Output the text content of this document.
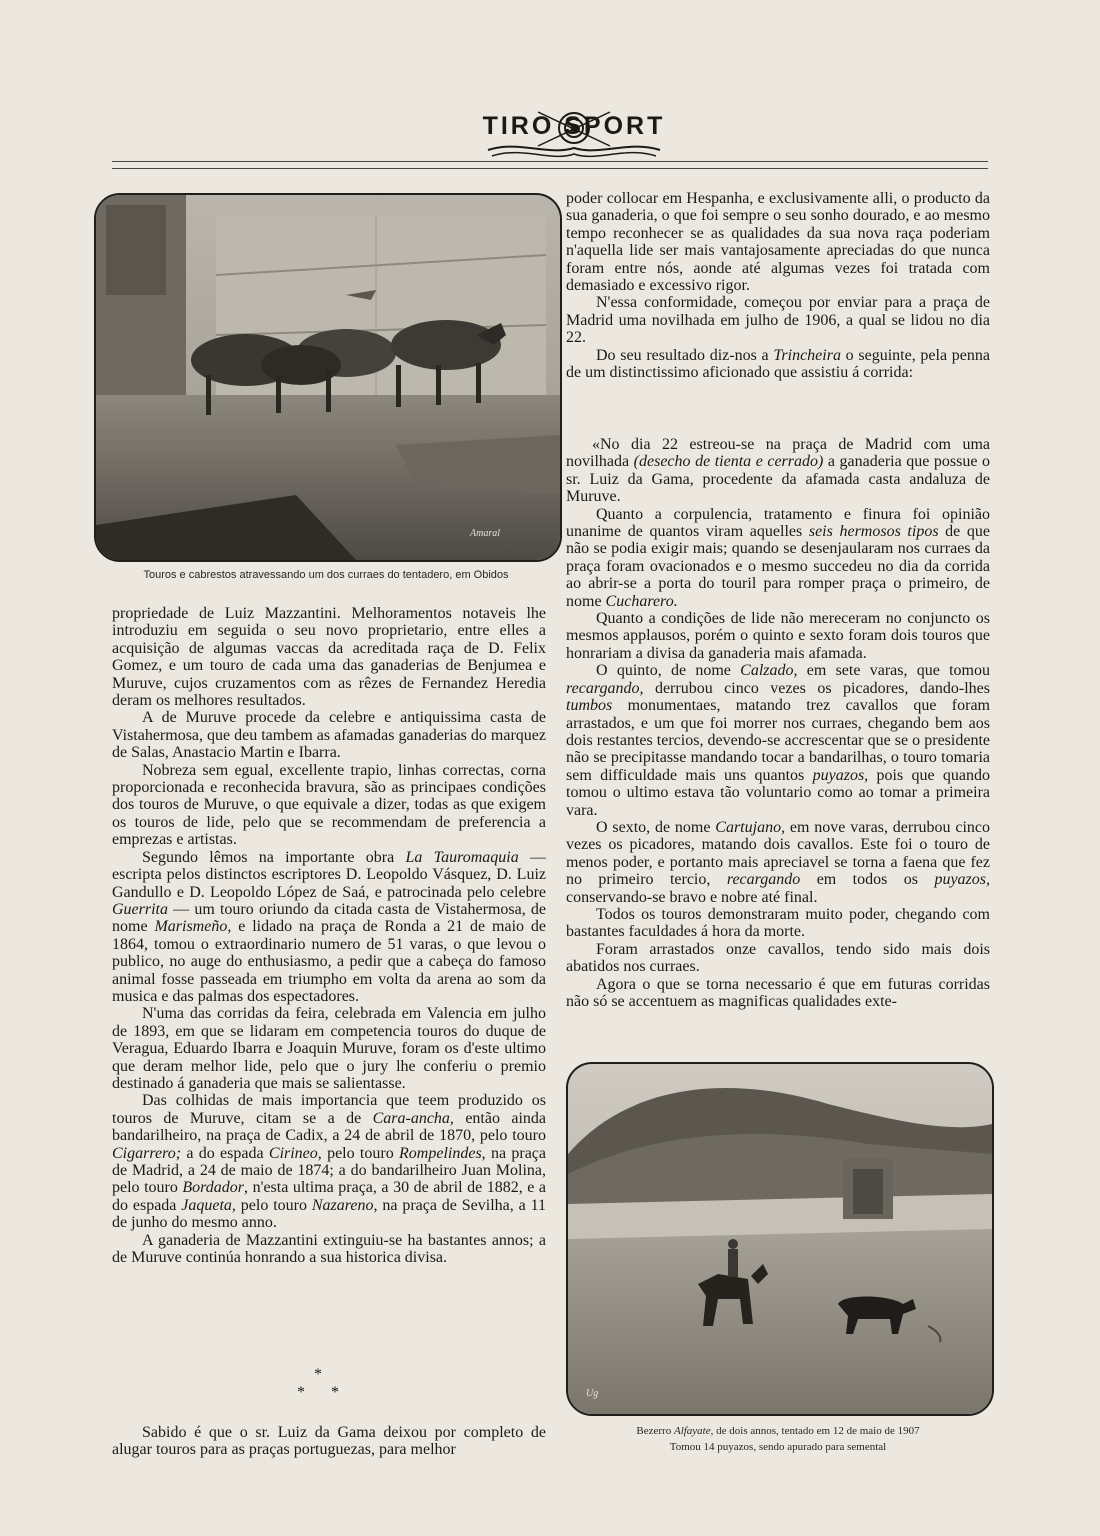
TIRO SPORT
Touros e cabrestos atravessando um dos curraes do tentadero, em Obidos
Bezerro Alfayate, de dois annos, tentado em 12 de maio de 1907
Tomou 14 puyazos, sendo apurado para semental

propriedade de Luiz Mazzantini. Melhoramentos notaveis lhe introduziu em seguida o seu novo proprietario, entre elles a acquisição de algumas vaccas da acreditada raça de D. Felix Gomez, e um touro de cada uma das ganaderias de Benjumea e Muruve, cujos cruzamentos com as rêzes de Fernandez Heredia deram os melhores resultados.

A de Muruve procede da celebre e antiquissima casta de Vistahermosa, que deu tambem as afamadas ganaderias do marquez de Salas, Anastacio Martin e Ibarra.

Nobreza sem egual, excellente trapio, linhas correctas, corna proporcionada e reconhecida bravura, são as principaes condições dos touros de Muruve, o que equivale a dizer, todas as que exigem os touros de lide, pelo que se recommendam de preferencia a emprezas e artistas.

Segundo lêmos na importante obra La Tauromaquia — escripta pelos distinctos escriptores D. Leopoldo Vásquez, D. Luiz Gandullo e D. Leopoldo López de Saá, e patrocinada pelo celebre Guerrita — um touro oriundo da citada casta de Vistahermosa, de nome Marismeño, e lidado na praça de Ronda a 21 de maio de 1864, tomou o extraordinario numero de 51 varas, o que levou o publico, no auge do enthusiasmo, a pedir que a cabeça do famoso animal fosse passeada em triumpho em volta da arena ao som da musica e das palmas dos espectadores.

N'uma das corridas da feira, celebrada em Valencia em julho de 1893, em que se lidaram em competencia touros do duque de Veragua, Eduardo Ibarra e Joaquin Muruve, foram os d'este ultimo que deram melhor lide, pelo que o jury lhe conferiu o premio destinado á ganaderia que mais se salientasse.

Das colhidas de mais importancia que teem produzido os touros de Muruve, citam se a de Cara-ancha, então ainda bandarilheiro, na praça de Cadix, a 24 de abril de 1870, pelo touro Cigarrero; a do espada Cirineo, pelo touro Rompelindes, na praça de Madrid, a 24 de maio de 1874; a do bandarilheiro Juan Molina, pelo touro Bordador, n'esta ultima praça, a 30 de abril de 1882, e a do espada Jaqueta, pelo touro Nazareno, na praça de Sevilha, a 11 de junho do mesmo anno.

A ganaderia de Mazzantini extinguiu-se ha bastantes annos; a de Muruve continúa honrando a sua historica divisa.

*
* *

Sabido é que o sr. Luiz da Gama deixou por completo de alugar touros para as praças portuguezas, para melhor

poder collocar em Hespanha, e exclusivamente alli, o producto da sua ganaderia, o que foi sempre o seu sonho dourado, e ao mesmo tempo reconhecer se as qualidades da sua nova raça poderiam n'aquella lide ser mais vantajosamente apreciadas do que nunca foram entre nós, aonde até algumas vezes foi tratada com demasiado e excessivo rigor.

N'essa conformidade, começou por enviar para a praça de Madrid uma novilhada em julho de 1906, a qual se lidou no dia 22.

Do seu resultado diz-nos a Trincheira o seguinte, pela penna de um distinctissimo aficionado que assistiu á corrida:

«No dia 22 estreou-se na praça de Madrid com uma novilhada (desecho de tienta e cerrado) a ganaderia que possue o sr. Luiz da Gama, procedente da afamada casta andaluza de Muruve.

Quanto a corpulencia, tratamento e finura foi opinião unanime de quantos viram aquelles seis hermosos tipos de que não se podia exigir mais; quando se desenjaularam nos curraes da praça foram ovacionados e o mesmo succedeu no dia da corrida ao abrir-se a porta do touril para romper praça o primeiro, de nome Cucharero.

Quanto a condições de lide não mereceram no conjuncto os mesmos applausos, porém o quinto e sexto foram dois touros que honrariam a divisa da ganaderia mais afamada.

O quinto, de nome Calzado, em sete varas, que tomou recargando, derrubou cinco vezes os picadores, dando-lhes tumbos monumentaes, matando trez cavallos que foram arrastados, e um que foi morrer nos curraes, chegando bem aos dois restantes tercios, devendo-se accrescentar que se o presidente não se precipitasse mandando tocar a bandarilhas, o touro tomaria sem difficuldade mais uns quantos puyazos, pois que quando tomou o ultimo estava tão voluntario como ao tomar a primeira vara.

O sexto, de nome Cartujano, em nove varas, derrubou cinco vezes os picadores, matando dois cavallos. Este foi o touro de menos poder, e portanto mais apreciavel se torna a faena que fez no primeiro tercio, recargando em todos os puyazos, conservando-se bravo e nobre até final.

Todos os touros demonstraram muito poder, chegando com bastantes faculdades á hora da morte.

Foram arrastados onze cavallos, tendo sido mais dois abatidos nos curraes.

Agora o que se torna necessario é que em futuras corridas não só se accentuem as magnificas qualidades exte-

Amaral
Ug
